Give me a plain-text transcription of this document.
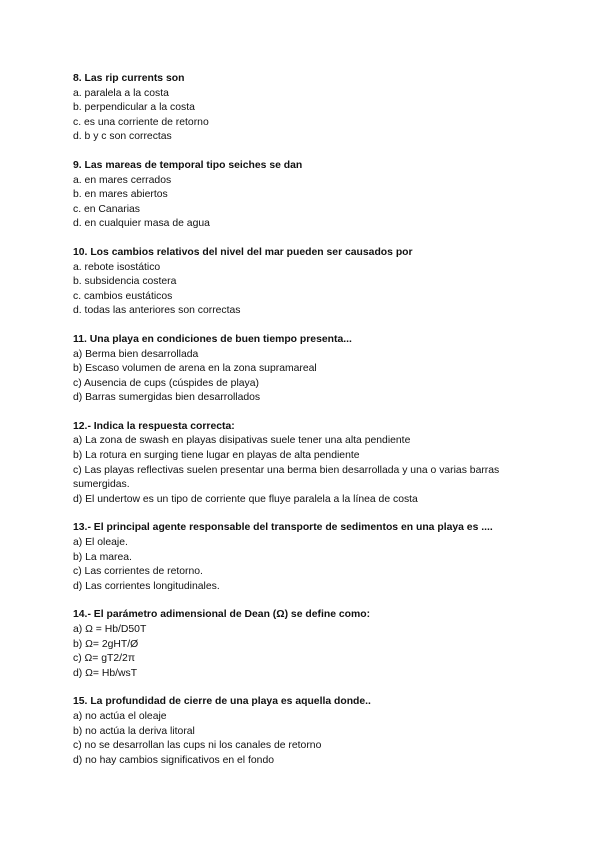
8. Las rip currents son

a. paralela a la costa

b. perpendicular a la costa

c. es una corriente de retorno

d. b y c son correctas

9. Las mareas de temporal tipo seiches se dan

a. en mares cerrados

b. en mares abiertos

c. en Canarias

d. en cualquier masa de agua

10. Los cambios relativos del nivel del mar pueden ser causados por

a. rebote isostático

b. subsidencia costera

c. cambios eustáticos

d. todas las anteriores son correctas

11. Una playa en condiciones de buen tiempo presenta...

a) Berma bien desarrollada

b) Escaso volumen de arena en la zona supramareal

c) Ausencia de cups (cúspides de playa)

d) Barras sumergidas bien desarrollados

12.- Indica la respuesta correcta:

a) La zona de swash en playas disipativas suele tener una alta pendiente

b) La rotura en surging tiene lugar en playas de alta pendiente

c) Las playas reflectivas suelen presentar una berma bien desarrollada y una o varias barras sumergidas.

d) El undertow es un tipo de corriente que fluye paralela a la línea de costa

13.- El principal agente responsable del transporte de sedimentos en una playa es ....

a) El oleaje.

b) La marea.

c) Las corrientes de retorno.

d) Las corrientes longitudinales.

14.- El parámetro adimensional de Dean (Ω) se define como:

a) Ω = Hb/D50T

b) Ω= 2gHT/Ø

c) Ω= gT2/2π

d) Ω= Hb/wsT

15. La profundidad de cierre de una playa es aquella donde..

a) no actúa el oleaje

b) no actúa la deriva litoral

c) no se desarrollan las cups ni los canales de retorno

d) no hay cambios significativos en el fondo
